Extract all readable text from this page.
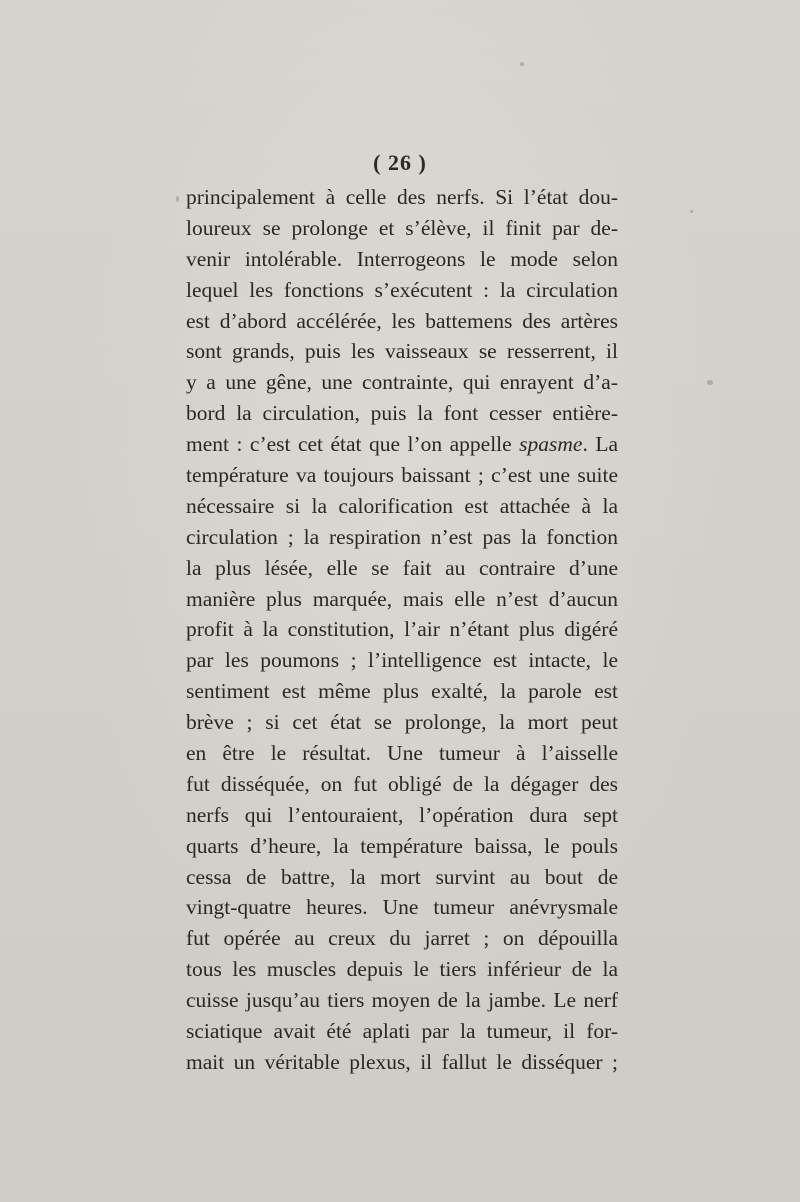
( 26 )
principalement à celle des nerfs. Si l’état dou-
loureux se prolonge et s’élève, il finit par de-
venir intolérable. Interrogeons le mode selon
lequel les fonctions s’exécutent : la circulation
est d’abord accélérée, les battemens des artères
sont grands, puis les vaisseaux se resserrent, il
y a une gêne, une contrainte, qui enrayent d’a-
bord la circulation, puis la font cesser entière-
ment : c’est cet état que l’on appelle spasme. La
température va toujours baissant ; c’est une suite
nécessaire si la calorification est attachée à la
circulation ; la respiration n’est pas la fonction
la plus lésée, elle se fait au contraire d’une
manière plus marquée, mais elle n’est d’aucun
profit à la constitution, l’air n’étant plus digéré
par les poumons ; l’intelligence est intacte, le
sentiment est même plus exalté, la parole est
brève ; si cet état se prolonge, la mort peut
en être le résultat. Une tumeur à l’aisselle
fut disséquée, on fut obligé de la dégager des
nerfs qui l’entouraient, l’opération dura sept
quarts d’heure, la température baissa, le pouls
cessa de battre, la mort survint au bout de
vingt-quatre heures. Une tumeur anévrysmale
fut opérée au creux du jarret ; on dépouilla
tous les muscles depuis le tiers inférieur de la
cuisse jusqu’au tiers moyen de la jambe. Le nerf
sciatique avait été aplati par la tumeur, il for-
mait un véritable plexus, il fallut le disséquer ;
